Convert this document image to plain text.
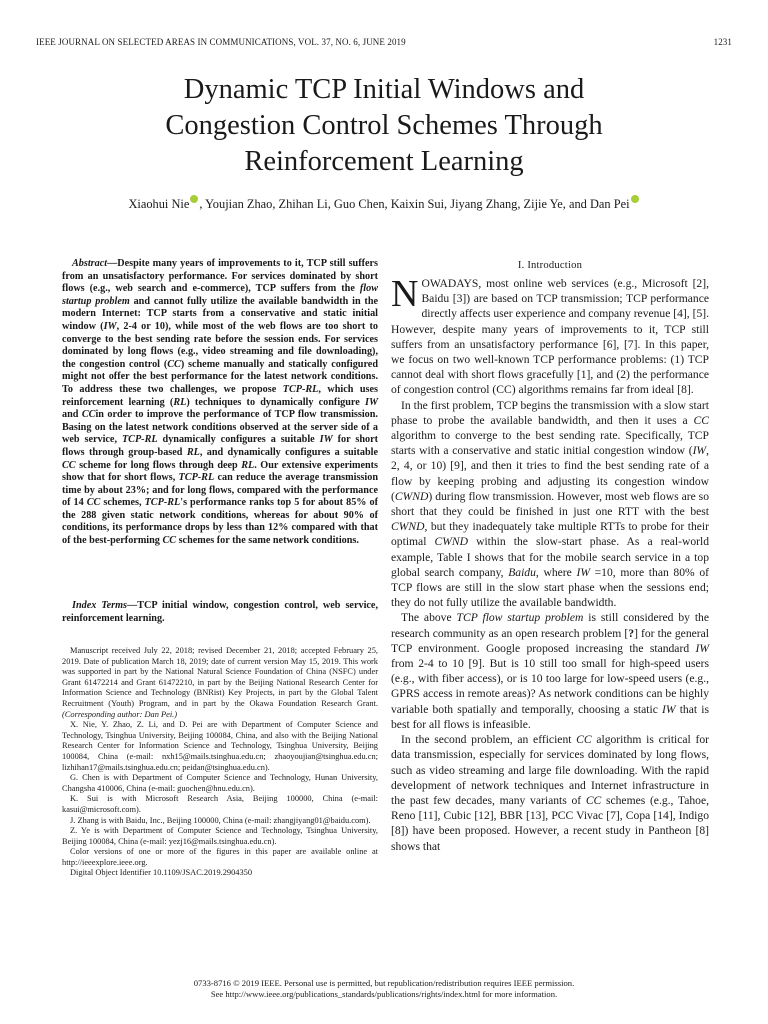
IEEE JOURNAL ON SELECTED AREAS IN COMMUNICATIONS, VOL. 37, NO. 6, JUNE 2019	1231
Dynamic TCP Initial Windows and
Congestion Control Schemes Through
Reinforcement Learning
Xiaohui Nie , Youjian Zhao, Zhihan Li, Guo Chen, Kaixin Sui, Jiyang Zhang, Zijie Ye, and Dan Pei

Abstract—Despite many years of improvements to it, TCP still suffers from an unsatisfactory performance. For services dominated by short flows (e.g., web search and e-commerce), TCP suffers from the flow startup problem and cannot fully utilize the available bandwidth in the modern Internet: TCP starts from a conservative and static initial window (IW, 2-4 or 10), while most of the web flows are too short to converge to the best sending rate before the session ends. For services dominated by long flows (e.g., video streaming and file downloading), the congestion control (CC) scheme manually and statically configured might not offer the best performance for the latest network conditions. To address these two challenges, we propose TCP-RL, which uses reinforcement learning (RL) techniques to dynamically configure IW and CCin order to improve the performance of TCP flow transmission. Basing on the latest network conditions observed at the server side of a web service, TCP-RL dynamically configures a suitable IW for short flows through group-based RL, and dynamically configures a suitable CC scheme for long flows through deep RL. Our extensive experiments show that for short flows, TCP-RL can reduce the average transmission time by about 23%; and for long flows, compared with the performance of 14 CC schemes, TCP-RL's performance ranks top 5 for about 85% of the 288 given static network conditions, whereas for about 90% of conditions, its performance drops by less than 12% compared with that of the best-performing CC schemes for the same network conditions.

Index Terms—TCP initial window, congestion control, web service, reinforcement learning.

Manuscript received July 22, 2018; revised December 21, 2018; accepted February 25, 2019. Date of publication March 18, 2019; date of current version May 15, 2019. This work was supported in part by the National Natural Science Foundation of China (NSFC) under Grant 61472214 and Grant 61472210, in part by the Beijing National Research Center for Information Science and Technology (BNRist) Key Projects, in part by the Global Talent Recruitment (Youth) Program, and in part by the Okawa Foundation Research Grant. (Corresponding author: Dan Pei.)

X. Nie, Y. Zhao, Z. Li, and D. Pei are with Department of Computer Science and Technology, Tsinghua University, Beijing 100084, China, and also with the Beijing National Research Center for Information Science and Technology, Tsinghua University, Beijing 100084, China (e-mail: nxh15@mails.tsinghua.edu.cn; zhaoyoujian@tsinghua.edu.cn; lizhihan17@mails.tsinghua.edu.cn; peidan@tsinghua.edu.cn).

G. Chen is with Department of Computer Science and Technology, Hunan University, Changsha 410006, China (e-mail: guochen@hnu.edu.cn).

K. Sui is with Microsoft Research Asia, Beijing 100000, China (e-mail: kasui@microsoft.com).

J. Zhang is with Baidu, Inc., Beijing 100000, China (e-mail: zhangjiyang01@baidu.com).

Z. Ye is with Department of Computer Science and Technology, Tsinghua University, Beijing 100084, China (e-mail: yezj16@mails.tsinghua.edu.cn).

Color versions of one or more of the figures in this paper are available online at http://ieeexplore.ieee.org.

Digital Object Identifier 10.1109/JSAC.2019.2904350

I. Introduction

NOWADAYS, most online web services (e.g., Microsoft [2], Baidu [3]) are based on TCP transmission; TCP performance directly affects user experience and company revenue [4], [5]. However, despite many years of improvements to it, TCP still suffers from an unsatisfactory performance [6], [7]. In this paper, we focus on two well-known TCP performance problems: (1) TCP cannot deal with short flows gracefully [1], and (2) the performance of congestion control (CC) algorithms remains far from ideal [8].

In the first problem, TCP begins the transmission with a slow start phase to probe the available bandwidth, and then it uses a CC algorithm to converge to the best sending rate. Specifically, TCP starts with a conservative and static initial congestion window (IW, 2, 4, or 10) [9], and then it tries to find the best sending rate of a flow by keeping probing and adjusting its congestion window (CWND) during flow transmission. However, most web flows are so short that they could be finished in just one RTT with the best CWND, but they inadequately take multiple RTTs to probe for their optimal CWND within the slow-start phase. As a real-world example, Table I shows that for the mobile search service in a top global search company, Baidu, where IW =10, more than 80% of TCP flows are still in the slow start phase when the sessions end; they do not fully utilize the available bandwidth.

The above TCP flow startup problem is still considered by the research community as an open research problem [?] for the general TCP environment. Google proposed increasing the standard IW from 2-4 to 10 [9]. But is 10 still too small for high-speed users (e.g., with fiber access), or is 10 too large for low-speed users (e.g., GPRS access in remote areas)? As network conditions can be highly variable both spatially and temporally, choosing a static IW that is best for all flows is infeasible.

In the second problem, an efficient CC algorithm is critical for data transmission, especially for services dominated by long flows, such as video streaming and large file downloading. With the rapid development of network techniques and Internet infrastructure in the past few decades, many variants of CC schemes (e.g., Tahoe, Reno [11], Cubic [12], BBR [13], PCC Vivac [7], Copa [14], Indigo [8]) have been proposed. However, a recent study in Pantheon [8] shows that

0733-8716 © 2019 IEEE. Personal use is permitted, but republication/redistribution requires IEEE permission.
See http://www.ieee.org/publications_standards/publications/rights/index.html for more information.
